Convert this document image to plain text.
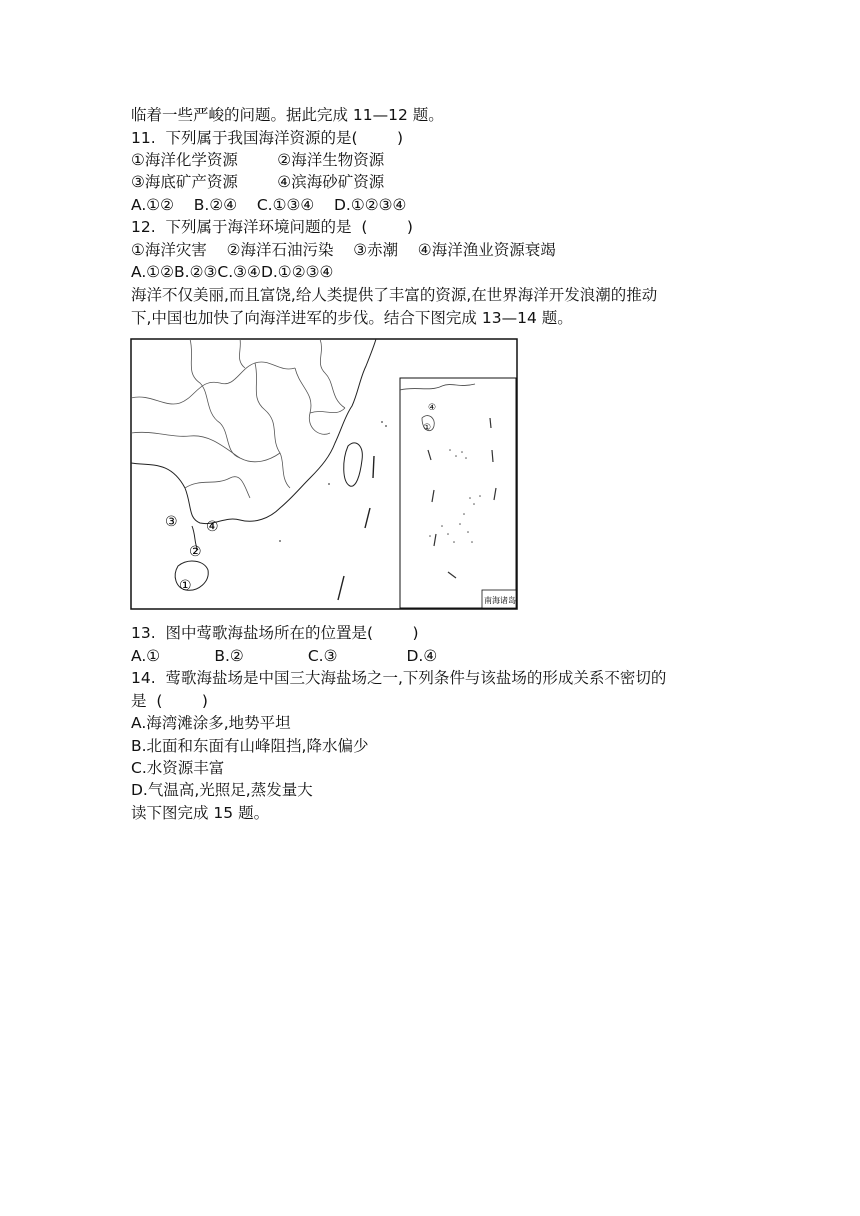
临着一些严峻的问题。据此完成 11—12 题。
11.  下列属于我国海洋资源的是(        )
①海洋化学资源        ②海洋生物资源
③海底矿产资源        ④滨海砂矿资源
A.①②    B.②④    C.①③④    D.①②③④
12.  下列属于海洋环境问题的是  (        )
①海洋灾害    ②海洋石油污染    ③赤潮    ④海洋渔业资源衰竭
A.①②B.②③C.③④D.①②③④
海洋不仅美丽,而且富饶,给人类提供了丰富的资源,在世界海洋开发浪潮的推动
下,中国也加快了向海洋进军的步伐。结合下图完成 13—14 题。
①
④
南海诸岛
③ ④
②
①
13.  图中莺歌海盐场所在的位置是(        )
A.①           B.②             C.③              D.④
14.  莺歌海盐场是中国三大海盐场之一,下列条件与该盐场的形成关系不密切的
是  (        )
A.海湾滩涂多,地势平坦
B.北面和东面有山峰阻挡,降水偏少
C.水资源丰富
D.气温高,光照足,蒸发量大
读下图完成 15 题。
